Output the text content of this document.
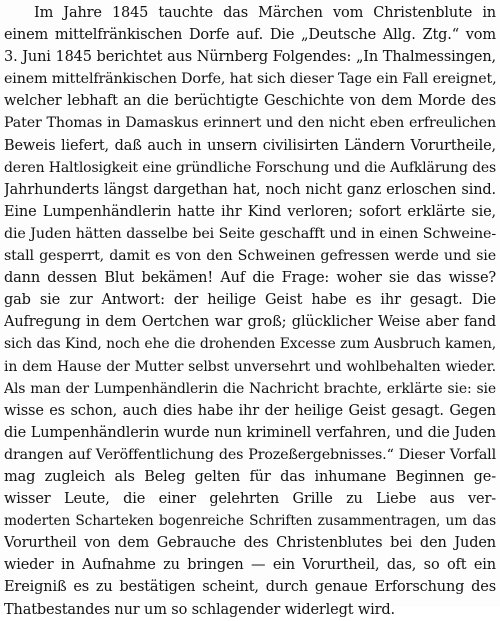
Im Jahre 1845 tauchte das Märchen vom Christenblute in
einem mittelfränkischen Dorfe auf. Die „Deutsche Allg. Ztg.“ vom
3. Juni 1845 berichtet aus Nürnberg Folgendes: „In Thalmessingen,
einem mittelfränkischen Dorfe, hat sich dieser Tage ein Fall ereignet,
welcher lebhaft an die berüchtigte Geschichte von dem Morde des
Pater Thomas in Damaskus erinnert und den nicht eben erfreulichen
Beweis liefert, daß auch in unsern civilisirten Ländern Vorurtheile,
deren Haltlosigkeit eine gründliche Forschung und die Aufklärung des
Jahrhunderts längst dargethan hat, noch nicht ganz erloschen sind.
Eine Lumpenhändlerin hatte ihr Kind verloren; sofort erklärte sie,
die Juden hätten dasselbe bei Seite geschafft und in einen Schweine-
stall gesperrt, damit es von den Schweinen gefressen werde und sie
dann dessen Blut bekämen! Auf die Frage: woher sie das wisse?
gab sie zur Antwort: der heilige Geist habe es ihr gesagt. Die
Aufregung in dem Oertchen war groß; glücklicher Weise aber fand
sich das Kind, noch ehe die drohenden Excesse zum Ausbruch kamen,
in dem Hause der Mutter selbst unversehrt und wohlbehalten wieder.
Als man der Lumpenhändlerin die Nachricht brachte, erklärte sie: sie
wisse es schon, auch dies habe ihr der heilige Geist gesagt. Gegen
die Lumpenhändlerin wurde nun kriminell verfahren, und die Juden
drangen auf Veröffentlichung des Prozeßergebnisses.“ Dieser Vorfall
mag zugleich als Beleg gelten für das inhumane Beginnen ge-
wisser Leute, die einer gelehrten Grille zu Liebe aus ver-
moderten Scharteken bogenreiche Schriften zusammentragen, um das
Vorurtheil von dem Gebrauche des Christenblutes bei den Juden
wieder in Aufnahme zu bringen — ein Vorurtheil, das, so oft ein
Ereigniß es zu bestätigen scheint, durch genaue Erforschung des
Thatbestandes nur um so schlagender widerlegt wird.
